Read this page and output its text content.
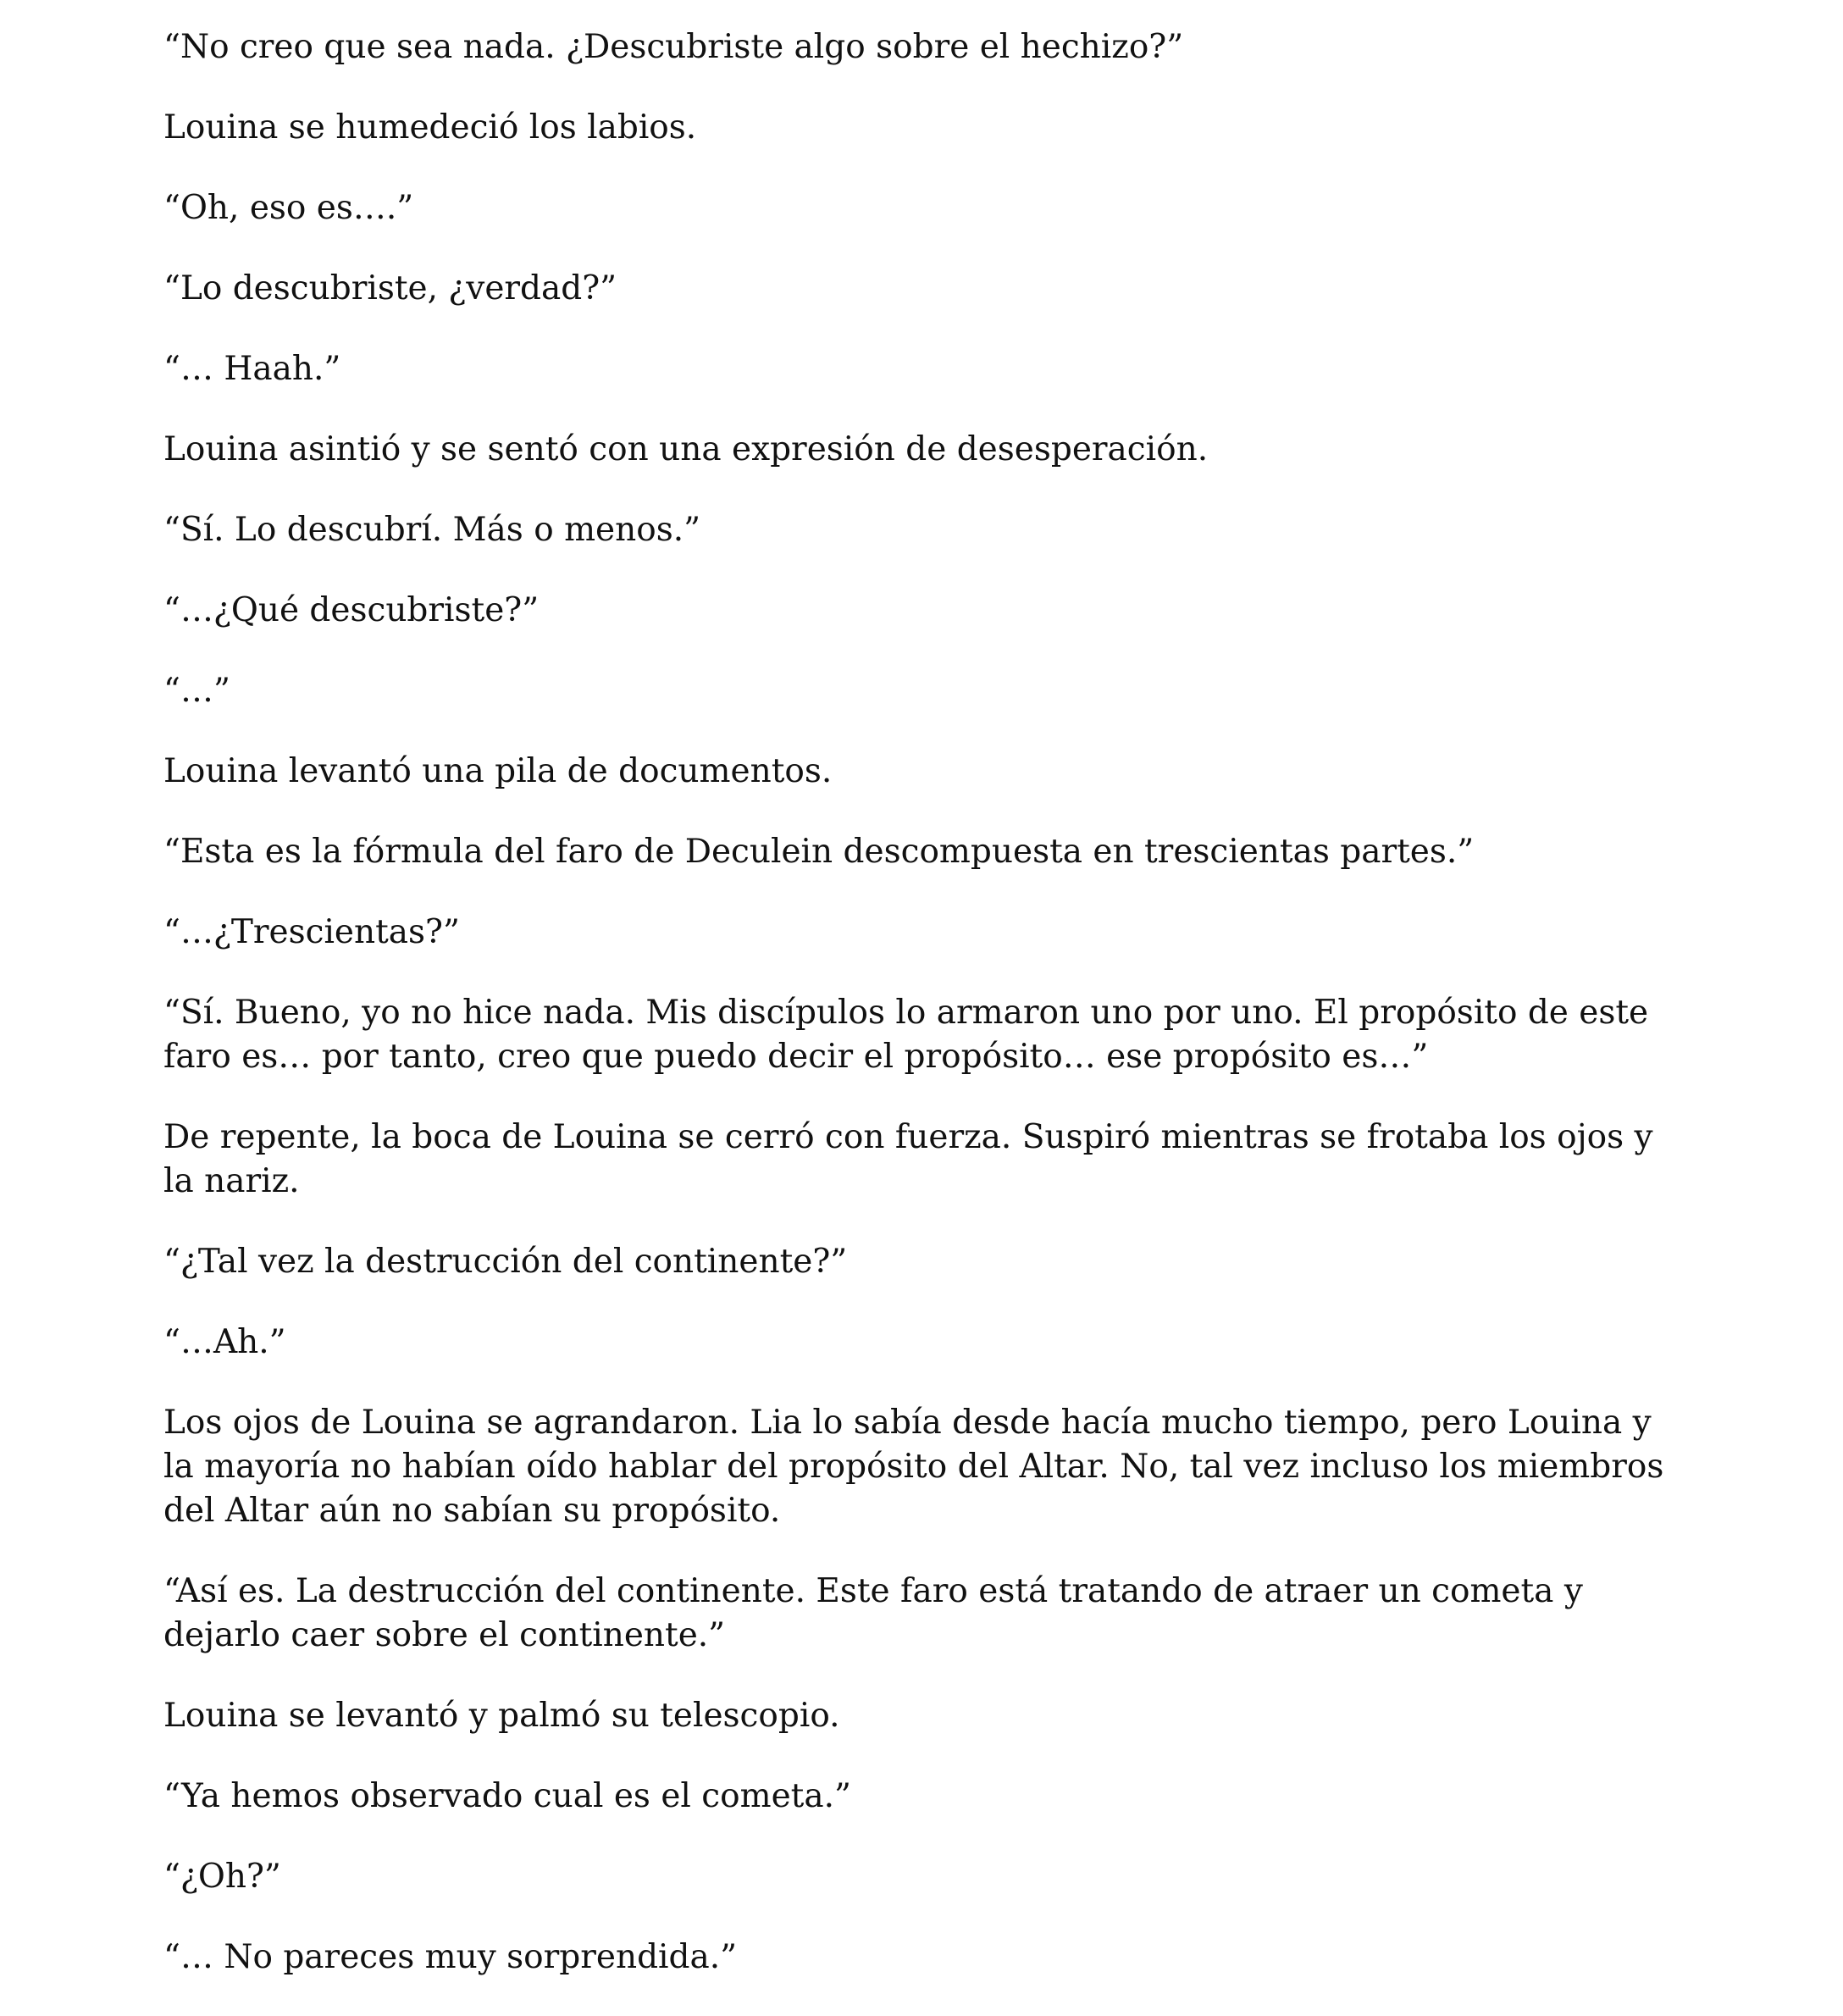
“No creo que sea nada. ¿Descubriste algo sobre el hechizo?”

Louina se humedeció los labios.

“Oh, eso es….”

“Lo descubriste, ¿verdad?”

“… Haah.”

Louina asintió y se sentó con una expresión de desesperación.

“Sí. Lo descubrí. Más o menos.”

“…¿Qué descubriste?”

“…”

Louina levantó una pila de documentos.

“Esta es la fórmula del faro de Deculein descompuesta en trescientas partes.”

“…¿Trescientas?”

“Sí. Bueno, yo no hice nada. Mis discípulos lo armaron uno por uno. El propósito de este faro es… por tanto, creo que puedo decir el propósito… ese propósito es…”

De repente, la boca de Louina se cerró con fuerza. Suspiró mientras se frotaba los ojos y la nariz.

“¿Tal vez la destrucción del continente?”

“…Ah.”

Los ojos de Louina se agrandaron. Lia lo sabía desde hacía mucho tiempo, pero Louina y la mayoría no habían oído hablar del propósito del Altar. No, tal vez incluso los miembros del Altar aún no sabían su propósito.

“Así es. La destrucción del continente. Este faro está tratando de atraer un cometa y dejarlo caer sobre el continente.”

Louina se levantó y palmó su telescopio.

“Ya hemos observado cual es el cometa.”

“¿Oh?”

“… No pareces muy sorprendida.”
